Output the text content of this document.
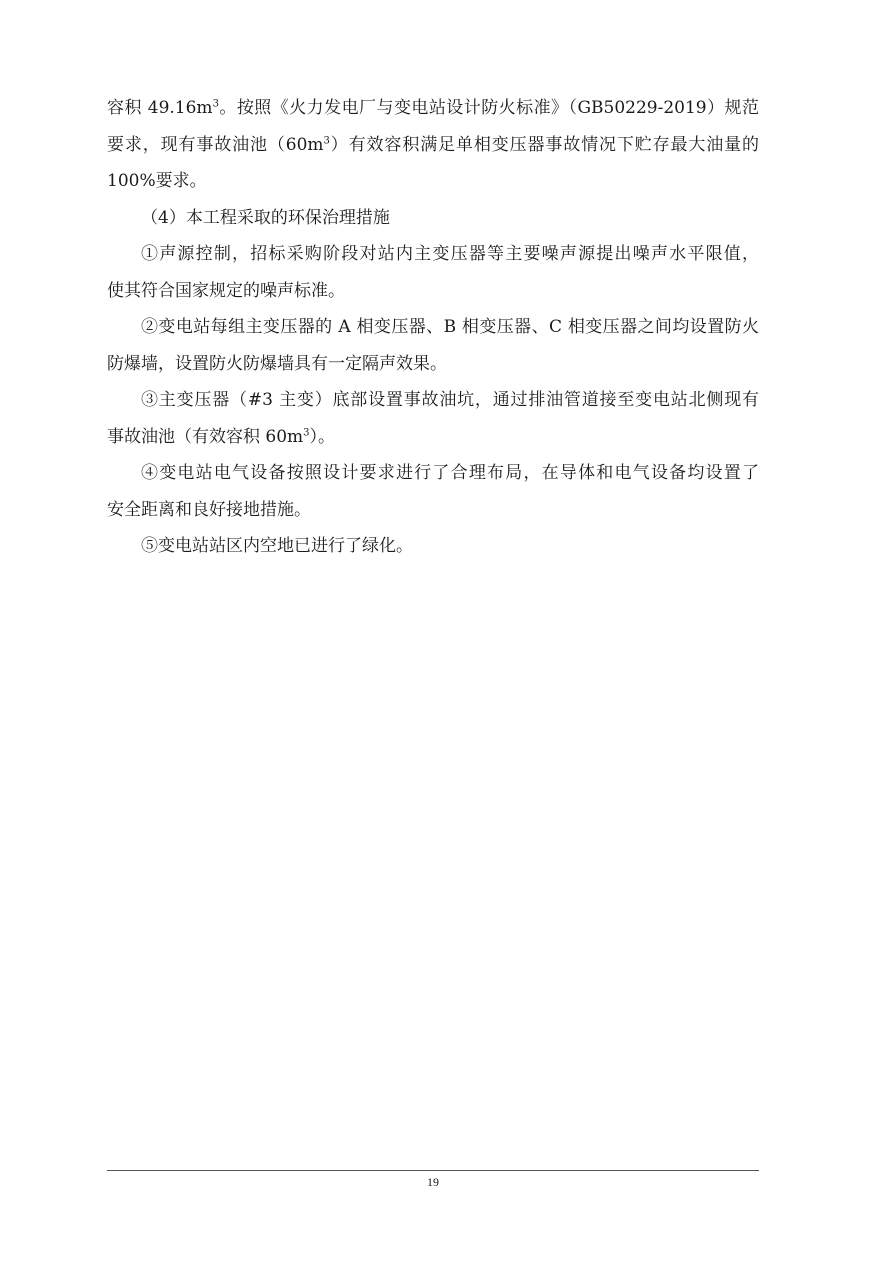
容积 $49.16m^3$。按照《火力发电厂与变电站设计防火标准》（GB50229-2019）规范
要求，现有事故油池$(60m^3)$有效容积满足单相变压器事故情况下贮存最大油量的
100%要求。
（4）本工程采取的环保治理措施
①声源控制，招标采购阶段对站内主变压器等主要噪声源提出噪声水平限值，
使其符合国家规定的噪声标准。
②变电站每组主变压器的 A 相变压器、B 相变压器、C 相变压器之间均设置防火
防爆墙，设置防火防爆墙具有一定隔声效果。
③主变压器（#3 主变）底部设置事故油坑，通过排油管道接至变电站北侧现有
事故油池（有效容积 $60m^3$）。
④变电站电气设备按照设计要求进行了合理布局，在导体和电气设备均设置了
安全距离和良好接地措施。
⑤变电站站区内空地已进行了绿化。
19
